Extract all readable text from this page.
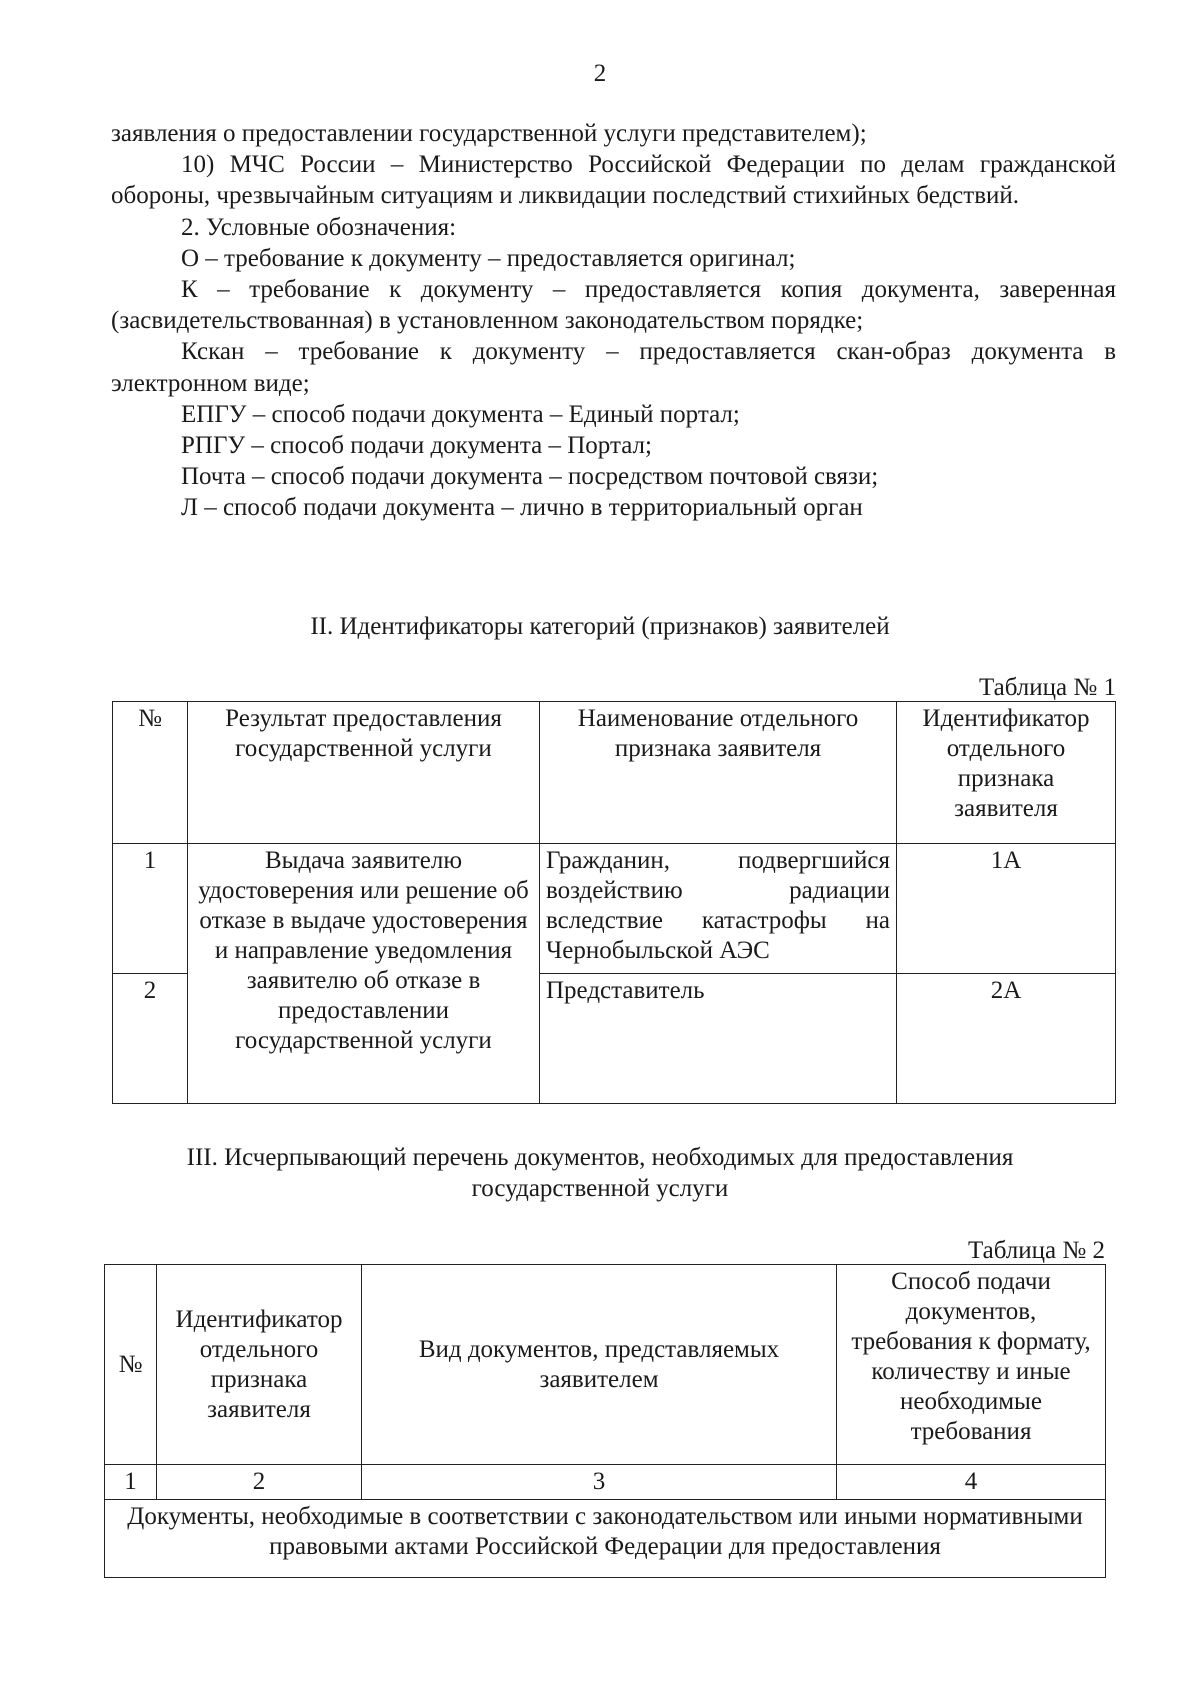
2

заявления о предоставлении государственной услуги представителем);

10) МЧС России – Министерство Российской Федерации по делам гражданской обороны, чрезвычайным ситуациям и ликвидации последствий стихийных бедствий.

2. Условные обозначения:

О – требование к документу – предоставляется оригинал;

К – требование к документу – предоставляется копия документа, заверенная (засвидетельствованная) в установленном законодательством порядке;

Кскан – требование к документу – предоставляется скан-образ документа в электронном виде;

ЕПГУ – способ подачи документа – Единый портал;

РПГУ – способ подачи документа – Портал;

Почта – способ подачи документа – посредством почтовой связи;

Л – способ подачи документа – лично в территориальный орган

II. Идентификаторы категорий (признаков) заявителей
Таблица № 1
№	Результат предоставления государственной услуги	Наименование отдельного признака заявителя	Идентификатор отдельного признака заявителя
1	Выдача заявителю удостоверения или решение об отказе в выдаче удостоверения и направление уведомления заявителю об отказе в предоставлении государственной услуги	Гражданин, подвергшийся воздействию радиации вследствие катастрофы на Чернобыльской АЭС	1А
2		Представитель	2А
III. Исчерпывающий перечень документов, необходимых для предоставления
государственной услуги
Таблица № 2
№	Идентификатор отдельного признака заявителя	Вид документов, представляемых заявителем	Способ подачи документов, требования к формату, количеству и иные необходимые требования
1	2	3	4
Документы, необходимые в соответствии с законодательством или иными нормативными правовыми актами Российской Федерации для предоставления			
